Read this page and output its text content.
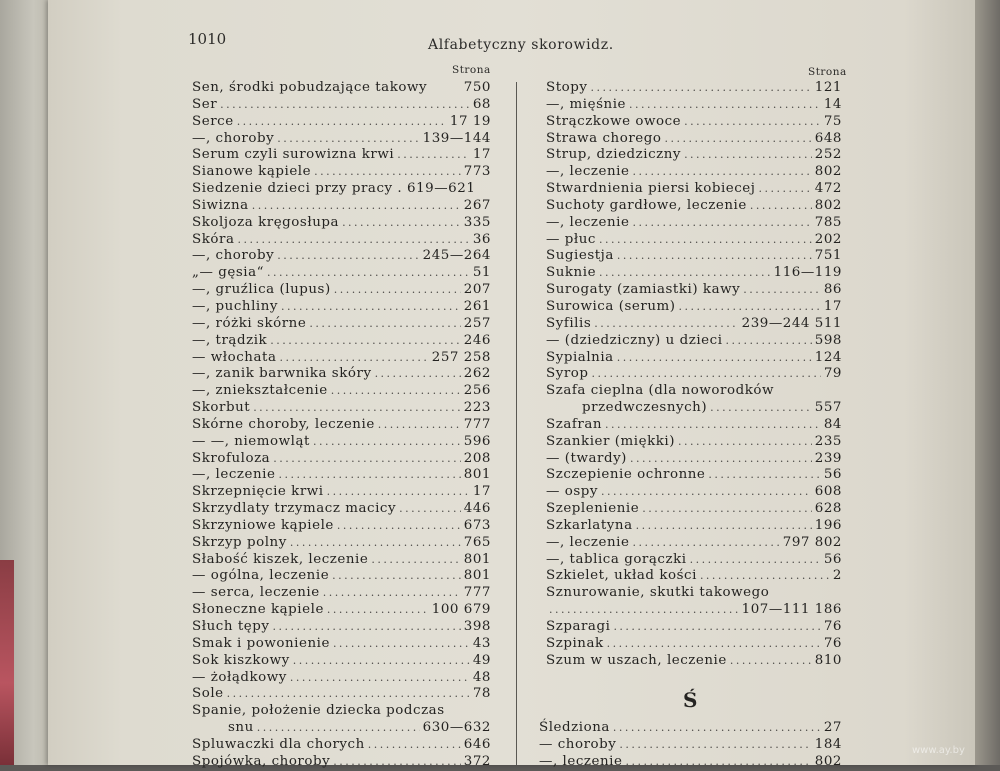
1010	Alfabetyczny skorowidz.
Strona	Strona
Sen, środki pobudzające takowy	750
Ser .....	68
Serce .....	17 19
—, choroby .....	139—144
Serum czyli surowizna krwi .....	17
Sianowe kąpiele .....	773
Siedzenie dzieci przy pracy . 619—621
Siwizna .....	267
Skoljoza kręgosłupa .....	335
Skóra .....	36
—, choroby .....	245—264
„— gęsia“ .....	51
—, gruźlica (lupus) .....	207
—, puchliny .....	261
—, różki skórne .....	257
—, trądzik .....	246
— włochata .....	257 258
—, zanik barwnika skóry .....	262
—, zniekształcenie .....	256
Skorbut .....	223
Skórne choroby, leczenie .....	777
— —, niemowląt .....	596
Skrofuloza .....	208
—, leczenie .....	801
Skrzepnięcie krwi .....	17
Skrzydlaty trzymacz macicy .....	446
Skrzyniowe kąpiele .....	673
Skrzyp polny .....	765
Słabość kiszek, leczenie .....	801
— ogólna, leczenie .....	801
— serca, leczenie .....	777
Słoneczne kąpiele .....	100 679
Słuch tępy .....	398
Smak i powonienie .....	43
Sok kiszkowy .....	49
— żołądkowy .....	48
Sole .....	78
Spanie, położenie dziecka podczas
snu .....	630—632
Spluwaczki dla chorych .....	646
Spojówka, choroby .....	372
Stopy .....	121
—, mięśnie .....	14
Strączkowe owoce .....	75
Strawa chorego .....	648
Strup, dziedziczny .....	252
—, leczenie .....	802
Stwardnienia piersi kobiecej .....	472
Suchoty gardłowe, leczenie .....	802
—, leczenie .....	785
— płuc .....	202
Sugiestja .....	751
Suknie .....	116—119
Surogaty (zamiastki) kawy .....	86
Surowica (serum) .....	17
Syfilis .....	239—244 511
— (dziedziczny) u dzieci .....	598
Sypialnia .....	124
Syrop .....	79
Szafa cieplna (dla noworodków
przedwczesnych) .....	557
Szafran .....	84
Szankier (miękki) .....	235
— (twardy) .....	239
Szczepienie ochronne .....	56
— ospy .....	608
Szeplenienie .....	628
Szkarlatyna .....	196
—, leczenie .....	797 802
—, tablica gorączki .....	56
Szkielet, układ kości .....	2
Sznurowanie, skutki takowego
.....
107—111 186
Szparagi .....	76
Szpinak .....	76
Szum w uszach, leczenie .....	810
Ś
Śledziona .....	27
— choroby .....	184
—, leczenie .....	802
www.ay.by
